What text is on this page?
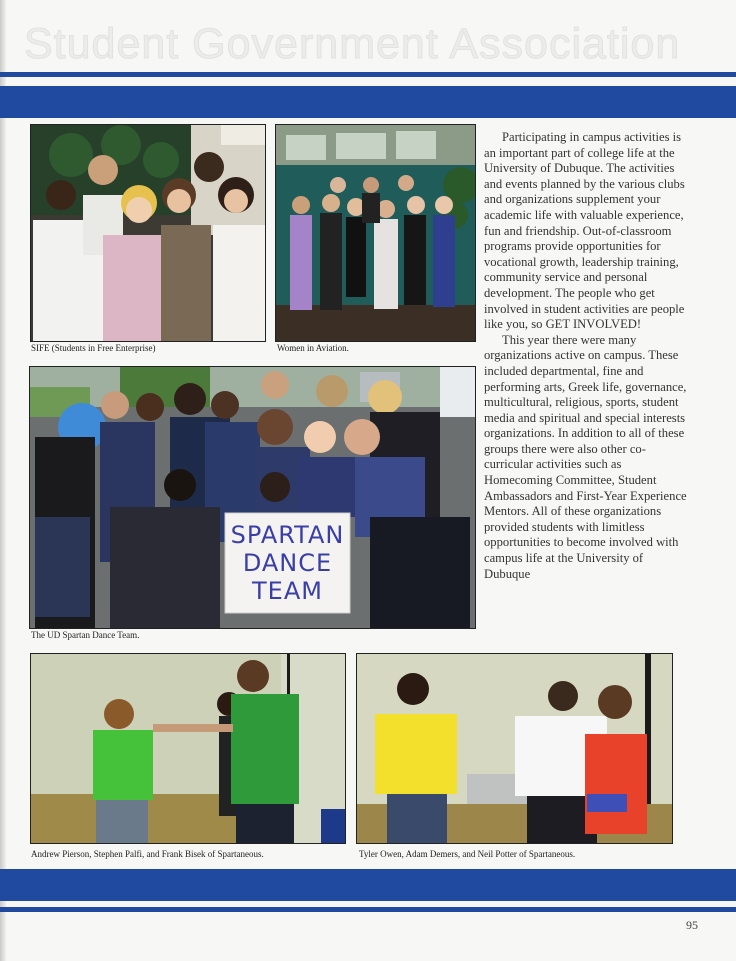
Student Government Association
SIFE (Students in Free Enterprise)	Women in Aviation.
SPARTAN
DANCE
TEAM
The UD Spartan Dance Team.

Participating in campus activities is an important part of college life at the University of Dubuque. The activities and events planned by the various clubs and organizations supplement your academic life with valuable experience, fun and friendship. Out-of-classroom programs provide opportunities for vocational growth, leadership training, community service and personal development. The people who get involved in student activities are people like you, so GET INVOLVED!

This year there were many organizations active on campus. These included departmental, fine and performing arts, Greek life, governance, multicultural, religious, sports, student media and spiritual and special interests organizations. In addition to all of these groups there were also other co-curricular activities such as Homecoming Committee, Student Ambassadors and First-Year Experience Mentors. All of these organizations provided students with limitless opportunities to become involved with campus life at the University of Dubuque

Andrew Pierson, Stephen Palfi, and Frank Bisek of Spartaneous.	Tyler Owen, Adam Demers, and Neil Potter of Spartaneous.
95
